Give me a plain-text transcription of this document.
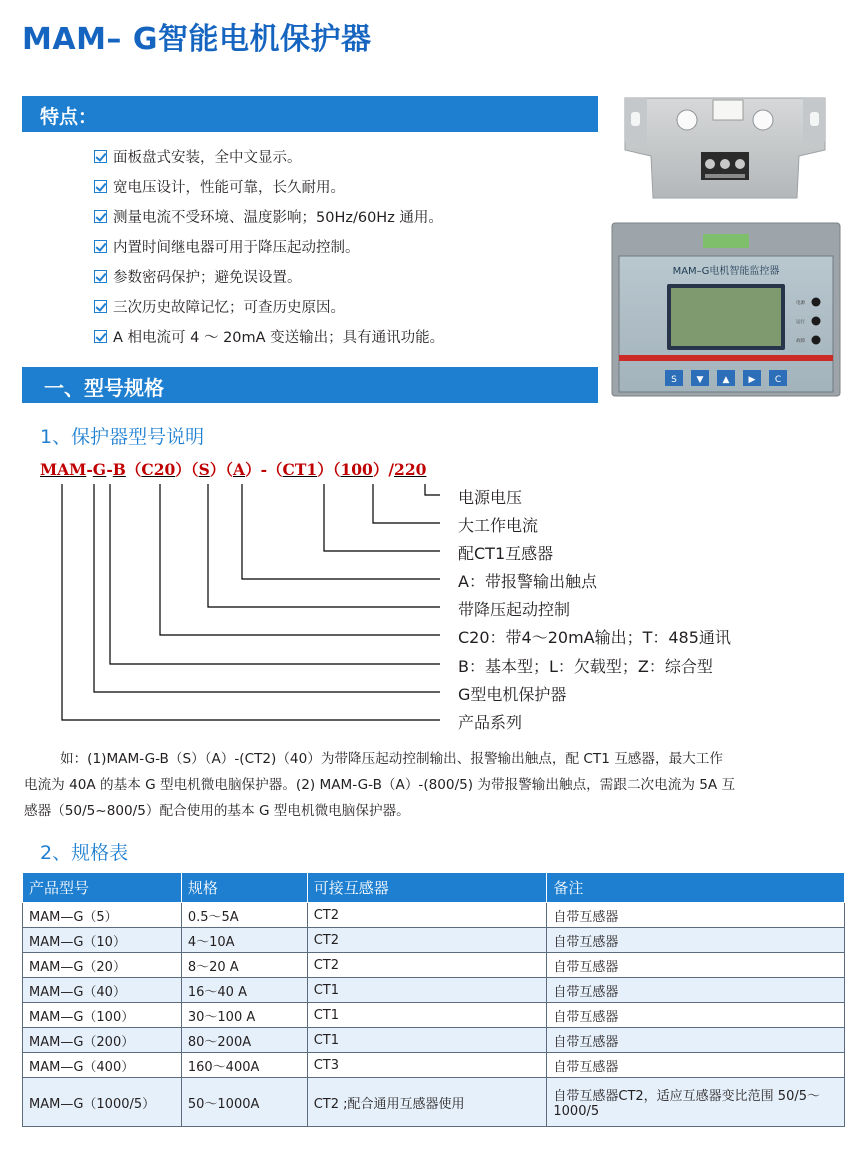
MAM– G智能电机保护器
特点：
面板盘式安装，全中文显示。
宽电压设计，性能可靠，长久耐用。
测量电流不受环境、温度影响；50Hz/60Hz 通用。
内置时间继电器可用于降压起动控制。
参数密码保护；避免误设置。
三次历史故障记忆；可查历史原因。
A 相电流可 4 ～ 20mA 变送输出；具有通讯功能。
MAM–G电机智能监控器
电源
运行
故障
S ▼ ▲ ▶ C
一、型号规格
1、保护器型号说明
MAM-G-B（C20）（S）（A）-（CT1）（100）/220
电源电压
大工作电流
配CT1互感器
A：带报警输出触点
带降压起动控制
C20：带4～20mA输出；T：485通讯
B：基本型；L：欠载型；Z：综合型
G型电机保护器
产品系列

如：(1)MAM-G-B（S）（A）-(CT2)（40）为带降压起动控制输出、报警输出触点，配 CT1 互感器，最大工作

电流为 40A 的基本 G 型电机微电脑保护器。(2) MAM-G-B（A）-(800/5) 为带报警输出触点，需跟二次电流为 5A 互

感器（50/5~800/5）配合使用的基本 G 型电机微电脑保护器。

2、规格表
产品型号	规格	可接互感器	备注
MAM—G（5）	0.5～5A	CT2	自带互感器
MAM—G（10）	4～10A	CT2	自带互感器
MAM—G（20）	8～20 A	CT2	自带互感器
MAM—G（40）	16～40 A	CT1	自带互感器
MAM—G（100）	30～100 A	CT1	自带互感器
MAM—G（200）	80～200A	CT1	自带互感器
MAM—G（400）	160～400A	CT3	自带互感器
MAM—G（1000/5）	50～1000A	CT2 ;配合通用互感器使用	自带互感器CT2，适应互感器变比范围 50/5～1000/5
